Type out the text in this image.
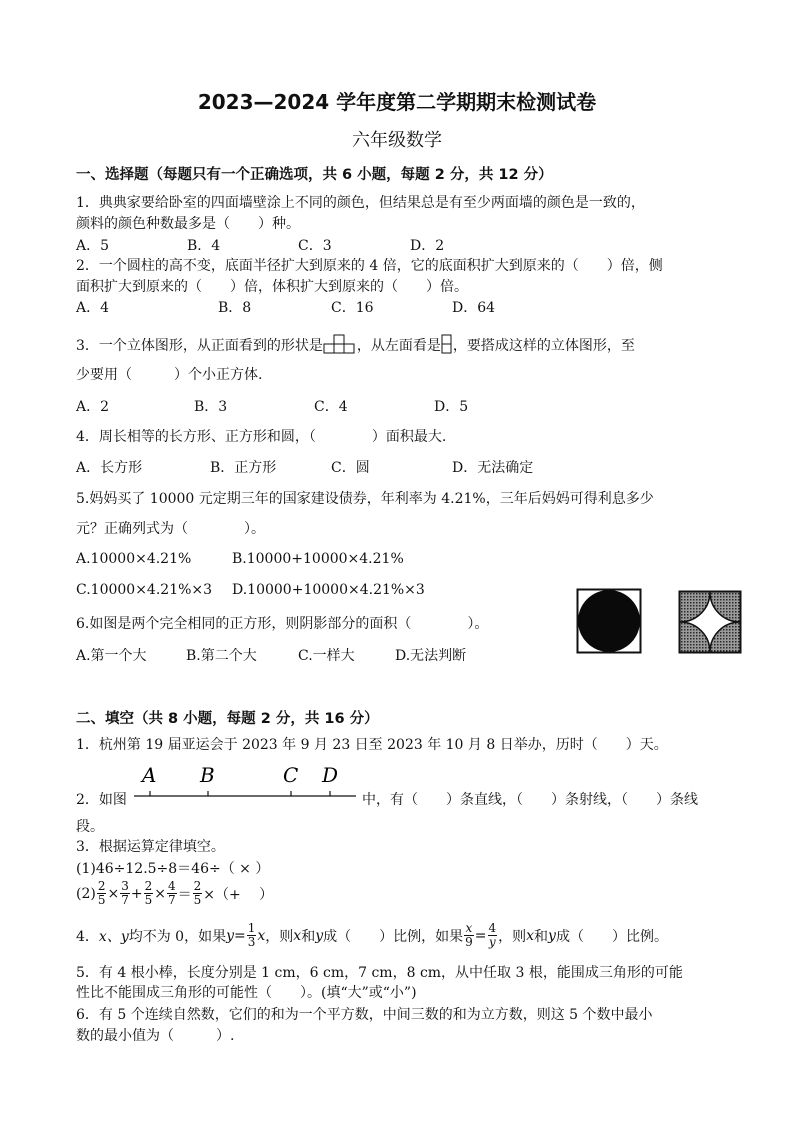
2023—2024 学年度第二学期期末检测试卷
六年级数学
一、选择题（每题只有一个正确选项，共 6 小题，每题 2 分，共 12 分）
1．典典家要给卧室的四面墙壁涂上不同的颜色，但结果总是有至少两面墙的颜色是一致的，
颜料的颜色种数最多是（　　）种。
A．5	B．4	C．3	D．2
2．一个圆柱的高不变，底面半径扩大到原来的 4 倍，它的底面积扩大到原来的（　　）倍，侧
面积扩大到原来的（　　）倍，体积扩大到原来的（　　）倍。
A．4	B．8	C．16	D．64
3．一个立体图形，从正面看到的形状是 ，从左面看是 ，要搭成这样的立体图形，至
少要用（　　　）个小正方体.
A．2	B．3	C．4	D．5
4．周长相等的长方形、正方形和圆，（　　　　）面积最大.
A．长方形	B．正方形	C．圆	D．无法确定
5.妈妈买了 10000 元定期三年的国家建设债券，年利率为 4.21%，三年后妈妈可得利息多少
元？正确列式为（　　　　）。
A.10000×4.21%	B.10000+10000×4.21%
C.10000×4.21%×3 D.10000+10000×4.21%×3
6.如图是两个完全相同的正方形，则阴影部分的面积（　　　　）。
A.第一个大	B.第二个大	C.一样大	D.无法判断
二、填空（共 8 小题，每题 2 分，共 16 分）
1．杭州第 19 届亚运会于 2023 年 9 月 23 日至 2023 年 10 月 8 日举办，历时（　　）天。
2．如图
A B	C D
中，有（　　）条直线，（　　）条射线，（　　）条线
段。
3．根据运算定律填空。
(1)46÷12.5÷8＝46÷（ × ）
$(2) \frac{2}{5} \times \frac{3}{7} + \frac{2}{5} \times \frac{4}{7} = \frac{2}{5}$ ×（+　 ）
4． x、y 均不为 0，如果 $y = \frac{1}{3}$ x ，则 x 和 y 成（　　）比例，如果 $\frac{x}{9} = \frac{4}{y}$ ，则 x 和 y 成（　　）比例。
5．有 4 根小棒，长度分别是 1 cm，6 cm，7 cm，8 cm，从中任取 3 根，能围成三角形的可能
性比不能围成三角形的可能性（　　）。(填“大”或“小”)
6．有 5 个连续自然数，它们的和为一个平方数，中间三数的和为立方数，则这 5 个数中最小
数的最小值为（　　　）.
